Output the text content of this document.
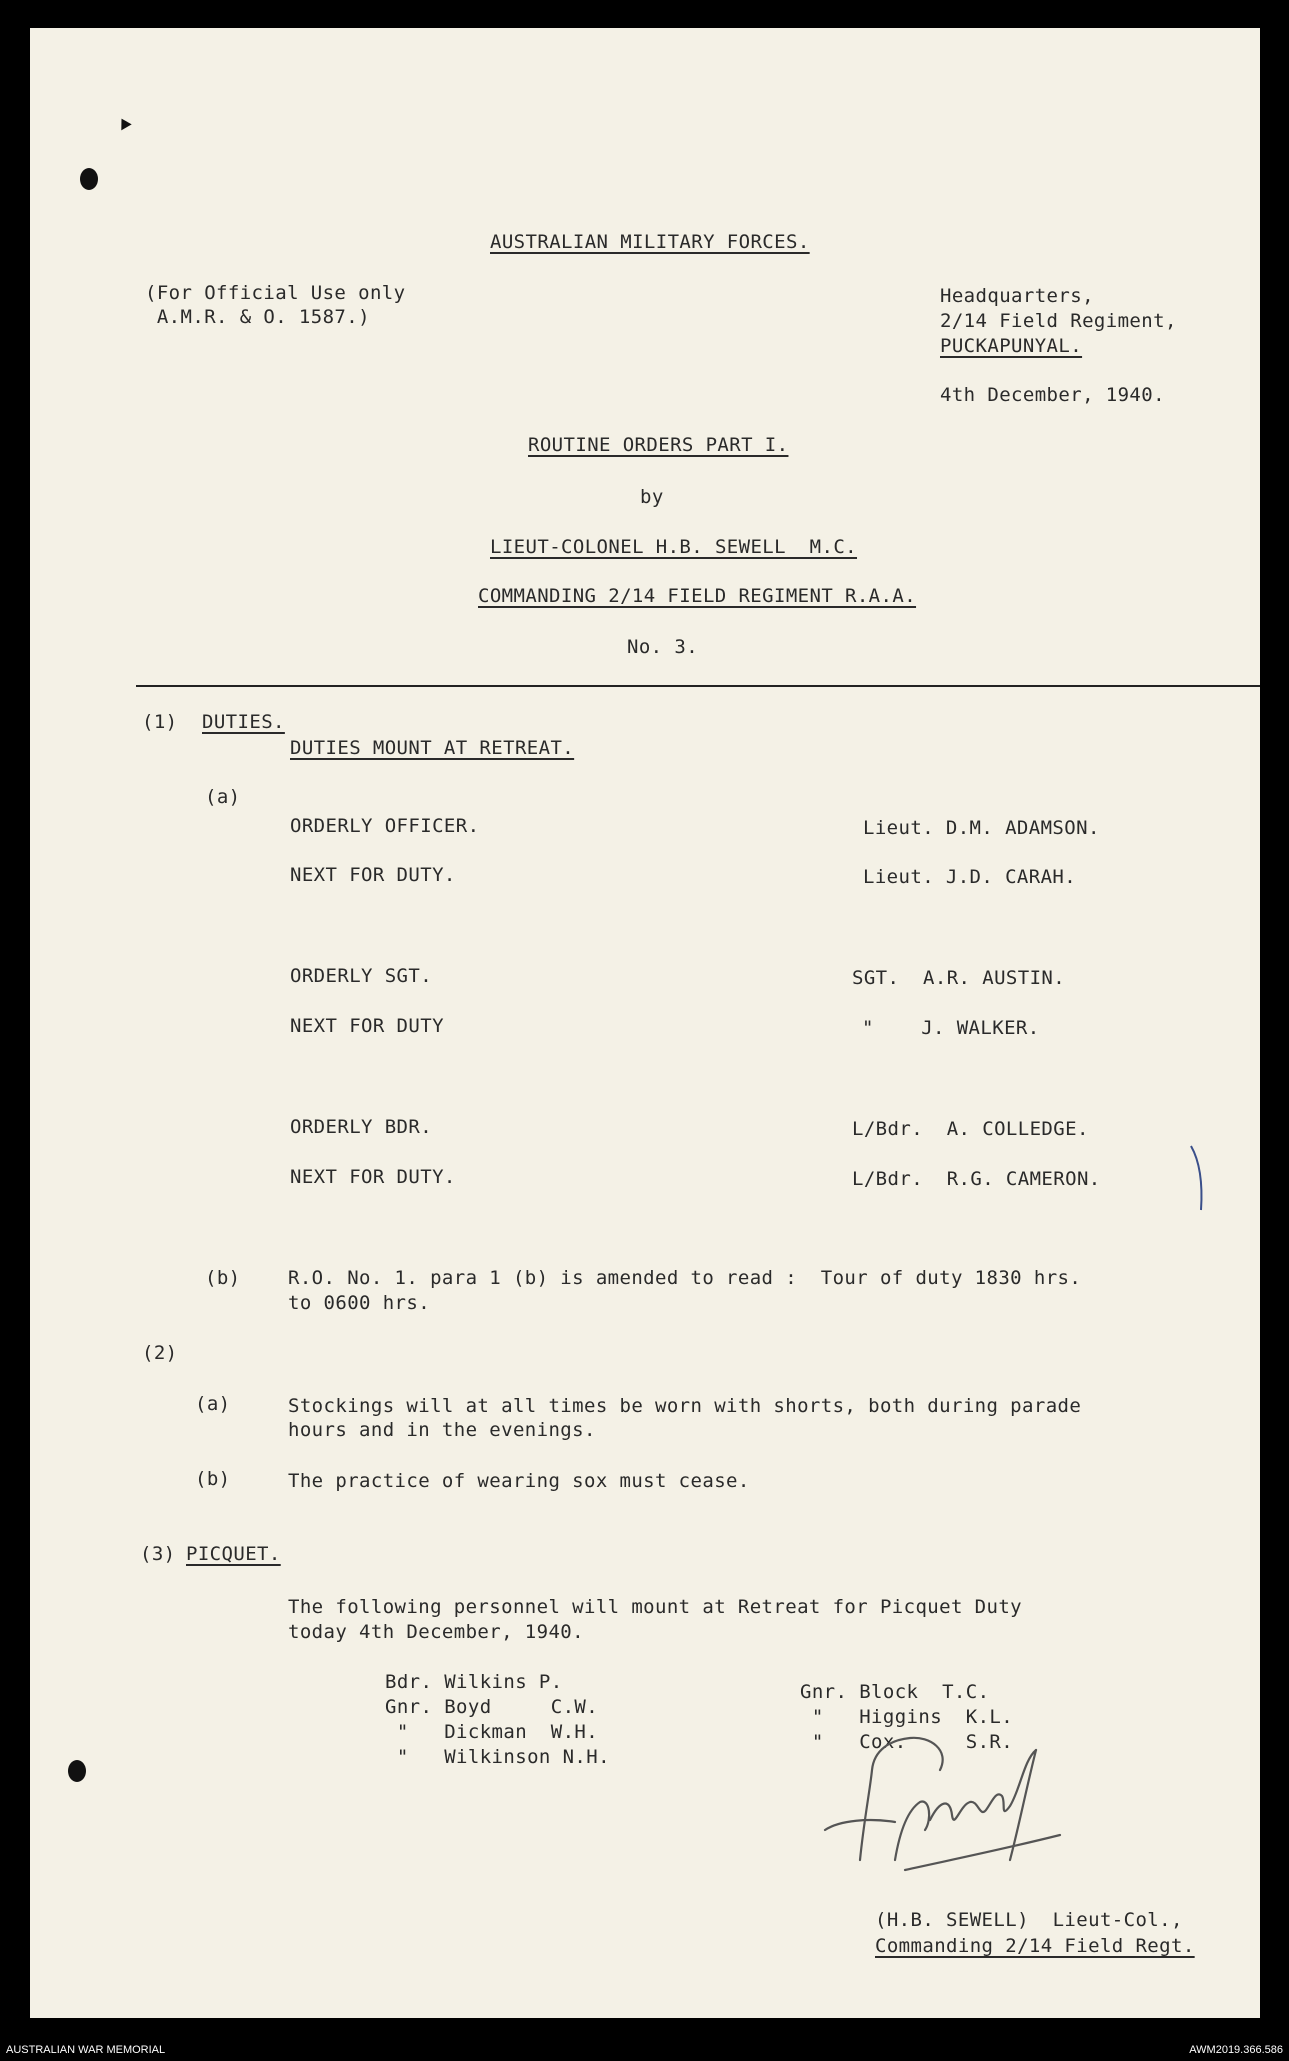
AUSTRALIAN MILITARY FORCES.
(For Official Use only
A.M.R. & O. 1587.)
Headquarters,
2/14 Field Regiment,
PUCKAPUNYAL.
4th December, 1940.
ROUTINE ORDERS PART I.
by
LIEUT-COLONEL H.B. SEWELL  M.C.
COMMANDING 2/14 FIELD REGIMENT R.A.A.
No. 3.
(1) DUTIES.
DUTIES MOUNT AT RETREAT.
(a)
ORDERLY OFFICER.	Lieut. D.M. ADAMSON.
NEXT FOR DUTY.	Lieut. J.D. CARAH.
ORDERLY SGT.	SGT.  A.R. AUSTIN.
NEXT FOR DUTY	"    J. WALKER.
ORDERLY BDR.	L/Bdr.  A. COLLEDGE.
NEXT FOR DUTY.	L/Bdr.  R.G. CAMERON.
(b) R.O. No. 1. para 1 (b) is amended to read :  Tour of duty 1830 hrs.
to 0600 hrs.
(2)
(a)	Stockings will at all times be worn with shorts, both during parade
hours and in the evenings.
(b)	The practice of wearing sox must cease.
(3) PICQUET.
The following personnel will mount at Retreat for Picquet Duty
today 4th December, 1940.
Bdr. Wilkins P.
Gnr. Boyd     C.W.
"   Dickman  W.H.
"   Wilkinson N.H.
Gnr. Block  T.C.
"   Higgins  K.L.
"   Cox.     S.R.
(H.B. SEWELL)  Lieut-Col.,
Commanding 2/14 Field Regt.
AUSTRALIAN WAR MEMORIAL	AWM2019.366.586
